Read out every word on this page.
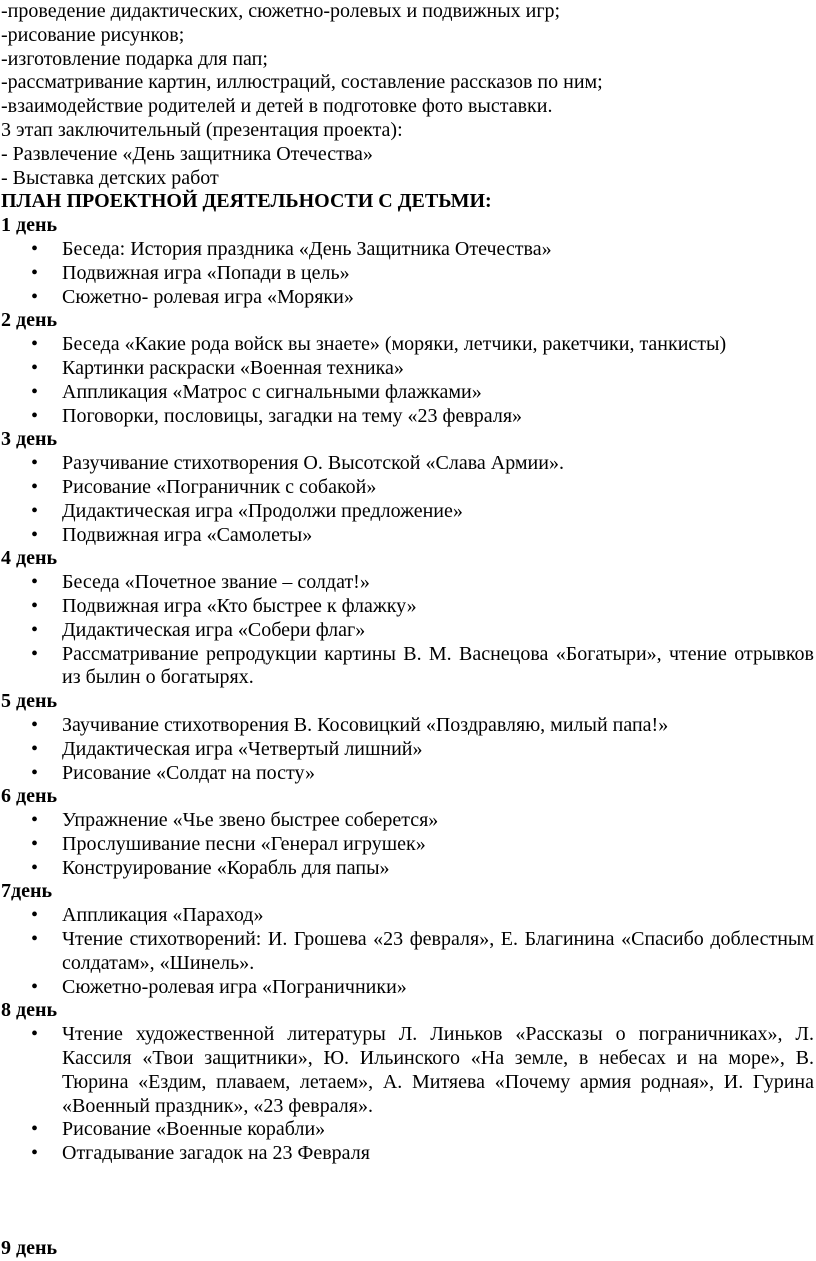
-проведение дидактических, сюжетно-ролевых и подвижных игр;
-рисование рисунков;
-изготовление подарка для пап;
-рассматривание картин, иллюстраций, составление рассказов по ним;
-взаимодействие родителей и детей в подготовке фото выставки.
3 этап заключительный (презентация проекта):
- Развлечение «День защитника Отечества»
- Выставка детских работ
ПЛАН ПРОЕКТНОЙ ДЕЯТЕЛЬНОСТИ С ДЕТЬМИ:
1 день
• Беседа: История праздника «День Защитника Отечества»
• Подвижная игра «Попади в цель»
• Сюжетно- ролевая игра «Моряки»
2 день
• Беседа «Какие рода войск вы знаете» (моряки, летчики, ракетчики, танкисты)
• Картинки раскраски «Военная техника»
• Аппликация «Матрос с сигнальными флажками»
• Поговорки, пословицы, загадки на тему «23 февраля»
3 день
• Разучивание стихотворения О. Высотской «Слава Армии».
• Рисование «Пограничник с собакой»
• Дидактическая игра «Продолжи предложение»
• Подвижная игра «Самолеты»
4 день
• Беседа «Почетное звание – солдат!»
• Подвижная игра «Кто быстрее к флажку»
• Дидактическая игра «Собери флаг»
• Рассматривание репродукции картины В. М. Васнецова «Богатыри», чтение отрывков из былин о богатырях.
5 день
• Заучивание стихотворения В. Косовицкий «Поздравляю, милый папа!»
• Дидактическая игра «Четвертый лишний»
• Рисование «Солдат на посту»
6 день
• Упражнение «Чье звено быстрее соберется»
• Прослушивание песни «Генерал игрушек»
• Конструирование «Корабль для папы»
7день
• Аппликация «Параход»
• Чтение стихотворений: И. Грошева «23 февраля», Е. Благинина «Спасибо доблестным солдатам», «Шинель».
• Сюжетно-ролевая игра «Пограничники»
8 день
• Чтение художественной литературы Л. Линьков «Рассказы о пограничниках», Л. Кассиля «Твои защитники», Ю. Ильинского «На земле, в небесах и на море», В. Тюрина «Ездим, плаваем, летаем», А. Митяева «Почему армия родная», И. Гурина «Военный праздник», «23 февраля».
• Рисование «Военные корабли»
• Отгадывание загадок на 23 Февраля
9 день
